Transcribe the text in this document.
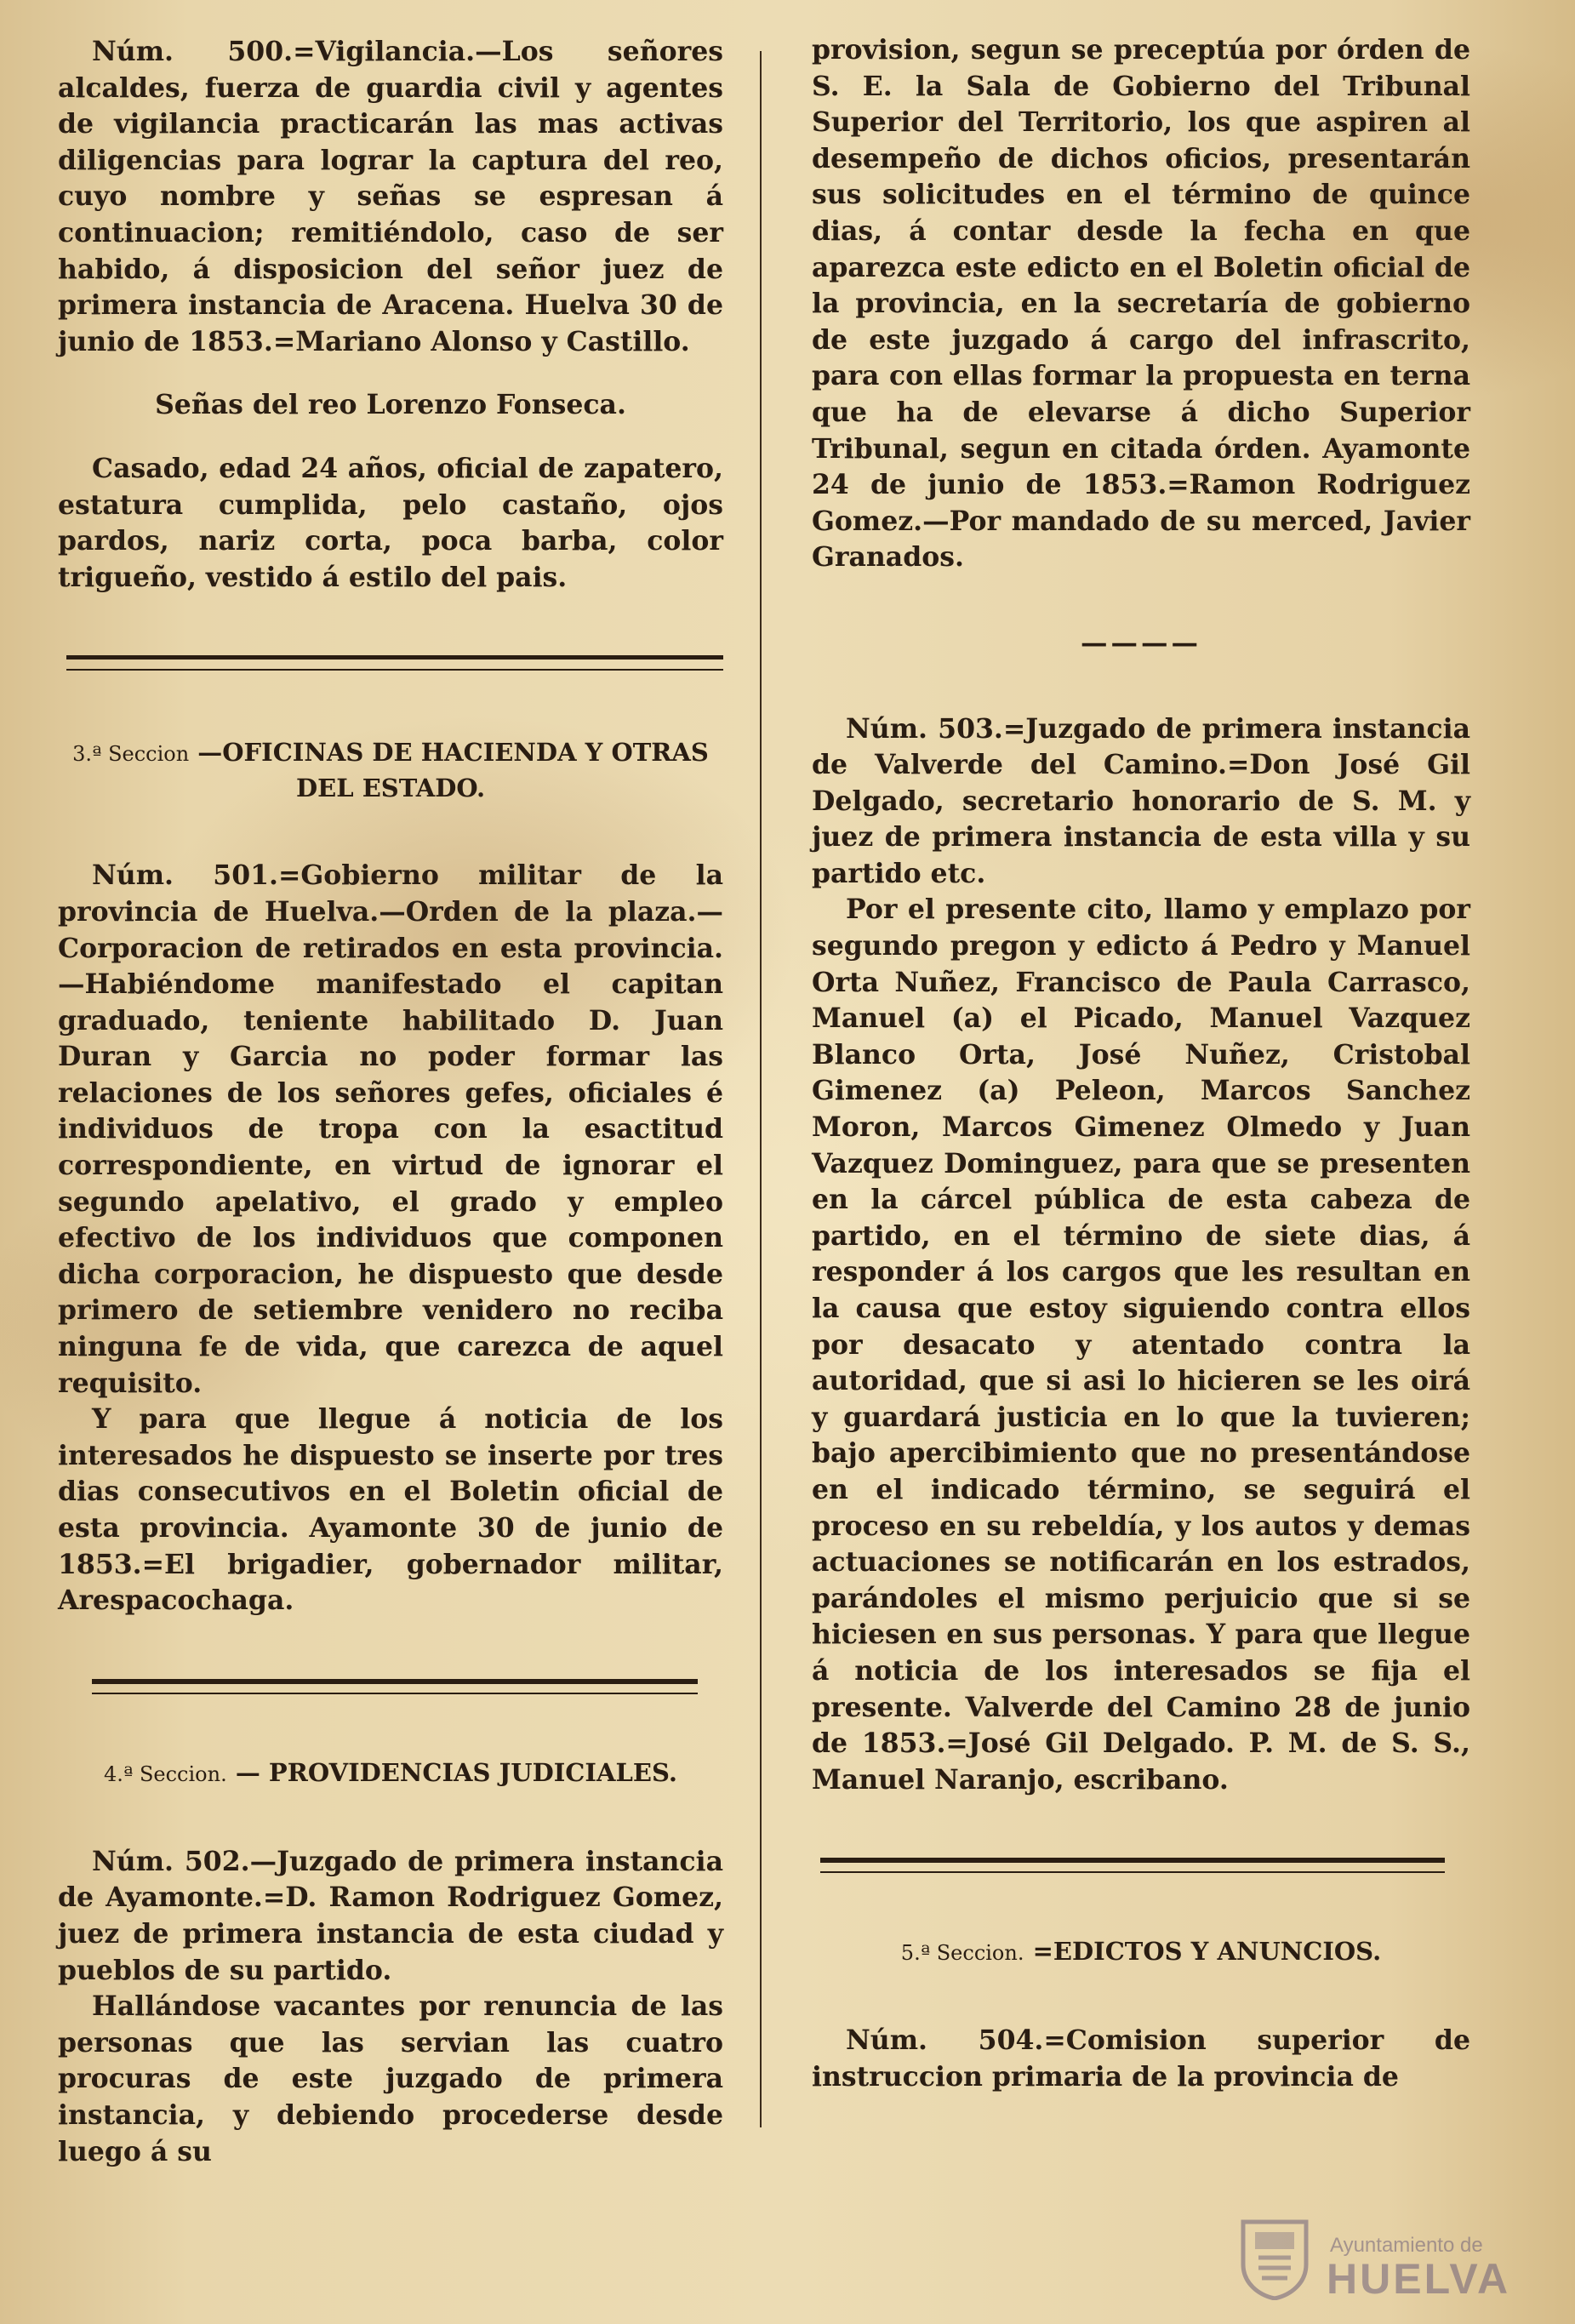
Núm. 500.=Vigilancia.—Los señores alcaldes, fuerza de guardia civil y agentes de vigilancia practicarán las mas activas diligencias para lograr la captura del reo, cuyo nombre y señas se espresan á continuacion; remitiéndolo, caso de ser habido, á disposicion del señor juez de primera instancia de Aracena. Huelva 30 de junio de 1853.=Mariano Alonso y Castillo.

Señas del reo Lorenzo Fonseca.

Casado, edad 24 años, oficial de zapatero, estatura cumplida, pelo castaño, ojos pardos, nariz corta, poca barba, color trigueño, vestido á estilo del pais.

3.ª Seccion —OFICINAS DE HACIENDA Y OTRAS DEL ESTADO.

Núm. 501.=Gobierno militar de la provincia de Huelva.—Orden de la plaza.—Corporacion de retirados en esta provincia.—Habiéndome manifestado el capitan graduado, teniente habilitado D. Juan Duran y Garcia no poder formar las relaciones de los señores gefes, oficiales é individuos de tropa con la esactitud correspondiente, en virtud de ignorar el segundo apelativo, el grado y empleo efectivo de los individuos que componen dicha corporacion, he dispuesto que desde primero de setiembre venidero no reciba ninguna fe de vida, que carezca de aquel requisito.

Y para que llegue á noticia de los interesados he dispuesto se inserte por tres dias consecutivos en el Boletin oficial de esta provincia. Ayamonte 30 de junio de 1853.=El brigadier, gobernador militar, Arespacochaga.

4.ª Seccion. — PROVIDENCIAS JUDICIALES.

Núm. 502.—Juzgado de primera instancia de Ayamonte.=D. Ramon Rodriguez Gomez, juez de primera instancia de esta ciudad y pueblos de su partido.

Hallándose vacantes por renuncia de las personas que las servian las cuatro procuras de este juzgado de primera instancia, y debiendo procederse desde luego á su

provision, segun se preceptúa por órden de S. E. la Sala de Gobierno del Tribunal Superior del Territorio, los que aspiren al desempeño de dichos oficios, presentarán sus solicitudes en el término de quince dias, á contar desde la fecha en que aparezca este edicto en el Boletin oficial de la provincia, en la secretaría de gobierno de este juzgado á cargo del infrascrito, para con ellas formar la propuesta en terna que ha de elevarse á dicho Superior Tribunal, segun en citada órden. Ayamonte 24 de junio de 1853.=Ramon Rodriguez Gomez.—Por mandado de su merced, Javier Granados.

————

Núm. 503.=Juzgado de primera instancia de Valverde del Camino.=Don José Gil Delgado, secretario honorario de S. M. y juez de primera instancia de esta villa y su partido etc.

Por el presente cito, llamo y emplazo por segundo pregon y edicto á Pedro y Manuel Orta Nuñez, Francisco de Paula Carrasco, Manuel (a) el Picado, Manuel Vazquez Blanco Orta, José Nuñez, Cristobal Gimenez (a) Peleon, Marcos Sanchez Moron, Marcos Gimenez Olmedo y Juan Vazquez Dominguez, para que se presenten en la cárcel pública de esta cabeza de partido, en el término de siete dias, á responder á los cargos que les resultan en la causa que estoy siguiendo contra ellos por desacato y atentado contra la autoridad, que si asi lo hicieren se les oirá y guardará justicia en lo que la tuvieren; bajo apercibimiento que no presentándose en el indicado término, se seguirá el proceso en su rebeldía, y los autos y demas actuaciones se notificarán en los estrados, parándoles el mismo perjuicio que si se hiciesen en sus personas. Y para que llegue á noticia de los interesados se fija el presente. Valverde del Camino 28 de junio de 1853.=José Gil Delgado. P. M. de S. S., Manuel Naranjo, escribano.

5.ª Seccion. =EDICTOS Y ANUNCIOS.

Núm. 504.=Comision superior de instruccion primaria de la provincia de

Ayuntamiento de
HUELVA
